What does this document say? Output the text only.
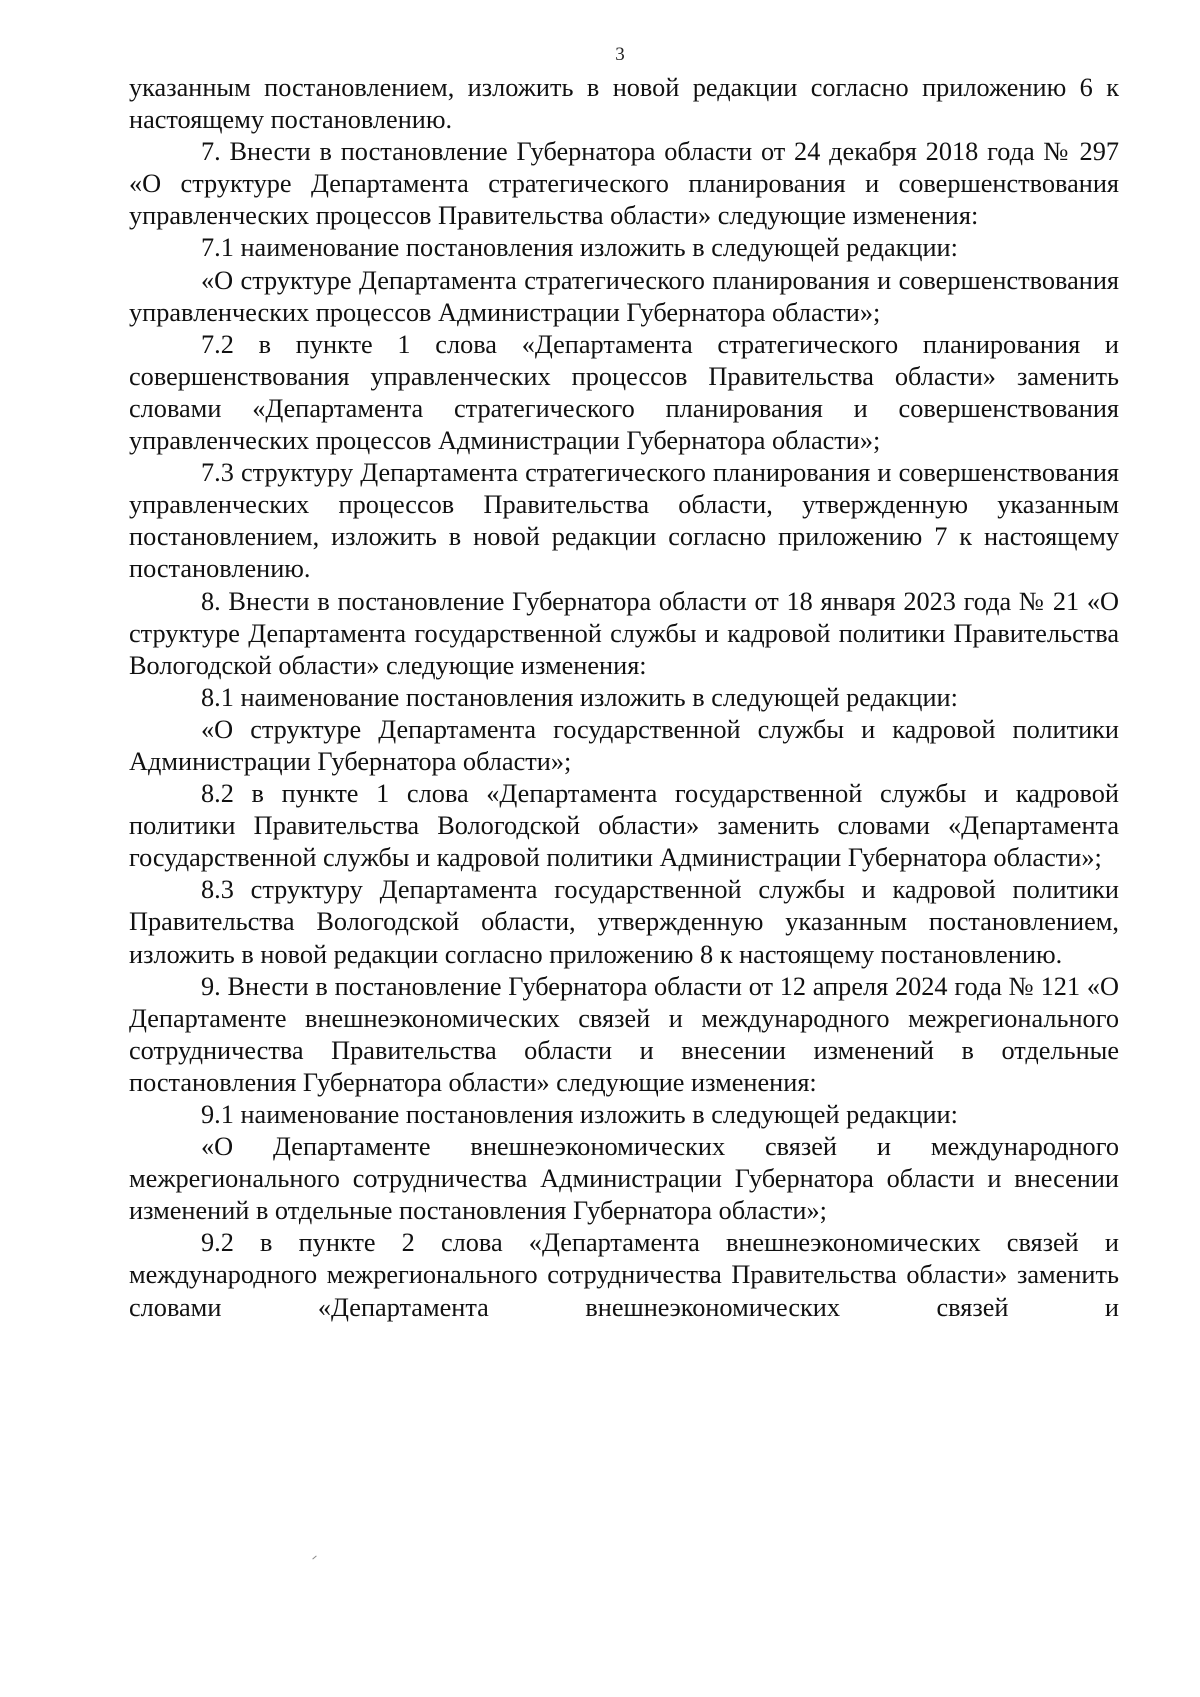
3

указанным постановлением, изложить в новой редакции согласно приложению 6 к настоящему постановлению.

7. Внести в постановление Губернатора области от 24 декабря 2018 года № 297 «О структуре Департамента стратегического планирования и совершенствования управленческих процессов Правительства области» следующие изменения:

7.1 наименование постановления изложить в следующей редакции:

«О структуре Департамента стратегического планирования и совершенствования управленческих процессов Администрации Губернатора области»;

7.2 в пункте 1 слова «Департамента стратегического планирования и совершенствования управленческих процессов Правительства области» заменить словами «Департамента стратегического планирования и совершенствования управленческих процессов Администрации Губернатора области»;

7.3 структуру Департамента стратегического планирования и совершенствования управленческих процессов Правительства области, утвержденную указанным постановлением, изложить в новой редакции согласно приложению 7 к настоящему постановлению.

8. Внести в постановление Губернатора области от 18 января 2023 года № 21 «О структуре Департамента государственной службы и кадровой политики Правительства Вологодской области» следующие изменения:

8.1 наименование постановления изложить в следующей редакции:

«О структуре Департамента государственной службы и кадровой политики Администрации Губернатора области»;

8.2 в пункте 1 слова «Департамента государственной службы и кадровой политики Правительства Вологодской области» заменить словами «Департамента государственной службы и кадровой политики Администрации Губернатора области»;

8.3 структуру Департамента государственной службы и кадровой политики Правительства Вологодской области, утвержденную указанным постановлением, изложить в новой редакции согласно приложению 8 к настоящему постановлению.

9. Внести в постановление Губернатора области от 12 апреля 2024 года № 121 «О Департаменте внешнеэкономических связей и международного межрегионального сотрудничества Правительства области и внесении изменений в отдельные постановления Губернатора области» следующие изменения:

9.1 наименование постановления изложить в следующей редакции:

«О Департаменте внешнеэкономических связей и международного межрегионального сотрудничества Администрации Губернатора области и внесении изменений в отдельные постановления Губернатора области»;

9.2 в пункте 2 слова «Департамента внешнеэкономических связей и международного межрегионального сотрудничества Правительства области» заменить словами «Департамента внешнеэкономических связей и
